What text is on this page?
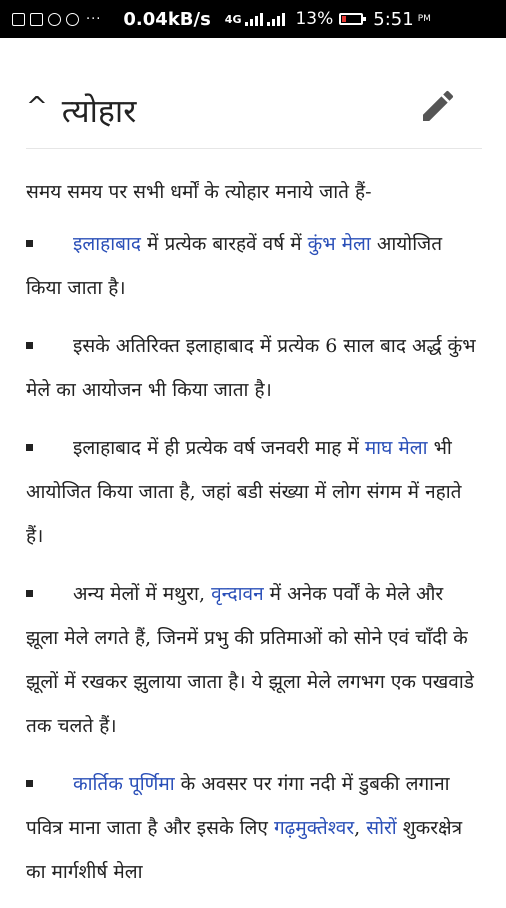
··· 0.04kB/s 4G	13% 5:51 PM
^ त्योहार

समय समय पर सभी धर्मों के त्योहार मनाये जाते हैं-

इलाहाबाद में प्रत्येक बारहवें वर्ष में कुंभ मेला आयोजित किया जाता है।

इसके अतिरिक्त इलाहाबाद में प्रत्येक 6 साल बाद अर्द्ध कुंभ मेले का आयोजन भी किया जाता है।

इलाहाबाद में ही प्रत्येक वर्ष जनवरी माह में माघ मेला भी आयोजित किया जाता है, जहां बडी संख्या में लोग संगम में नहाते हैं।

अन्य मेलों में मथुरा, वृन्दावन में अनेक पर्वों के मेले और झूला मेले लगते हैं, जिनमें प्रभु की प्रतिमाओं को सोने एवं चाँदी के झूलों में रखकर झुलाया जाता है। ये झूला मेले लगभग एक पखवाडे तक चलते हैं।

कार्तिक पूर्णिमा के अवसर पर गंगा नदी में डुबकी लगाना पवित्र माना जाता है और इसके लिए गढ़मुक्तेश्वर, सोरों शुकरक्षेत्र का मार्गशीर्ष मेला
